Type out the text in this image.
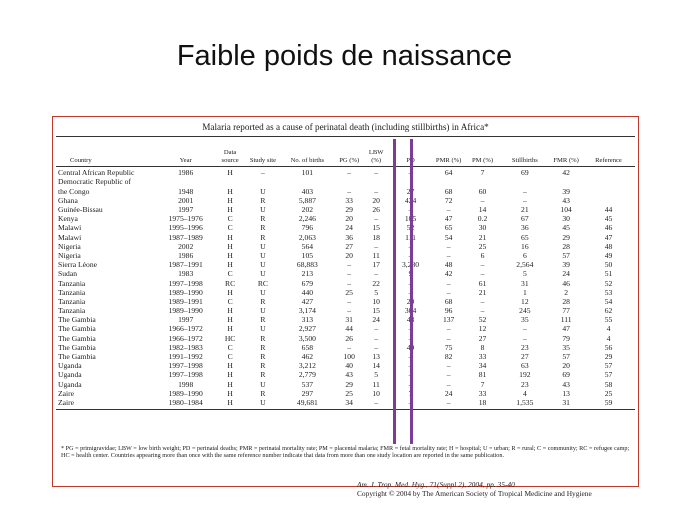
Faible poids de naissance
Malaria reported as a cause of perinatal death (including stillbirths) in Africa*
Country	Year	Data source	Study site	No. of births	PG (%)	LBW (%)	PD	PMR (%)	PM (%)	Stillbirths	FMR (%)	Reference
Central African Republic	1986	H	–	101	–	–	–	64	7	69	42	
Democratic Republic of												
the Congo	1948	H	U	403	–	–	27	68	60	–	39	
Ghana	2001	H	R	5,887	33	20	424	72	–	–	43	
Guinée-Bissau	1997	H	U	202	29	26	–	–	14	21	104	44
Kenya	1975–1976	C	R	2,246	20	–	105	47	0.2	67	30	45
Malawi	1995–1996	C	R	796	24	15	52	65	30	36	45	46
Malawi	1987–1989	H	R	2,063	36	18	111	54	21	65	29	47
Nigeria	2002	H	U	564	27	–	–	–	25	16	28	48
Nigeria	1986	H	U	105	20	11	–	–	6	6	57	49
Sierra Léone	1987–1991	H	U	68,883	–	17	3,280	48	–	2,564	39	50
Sudan	1983	C	U	213	–	–	9	42	–	5	24	51
Tanzania	1997–1998	RC	RC	679	–	22	–	–	61	31	46	52
Tanzania	1989–1990	H	U	440	25	5	–	–	21	1	2	53
Tanzania	1989–1991	C	R	427	–	10	29	68	–	12	28	54
Tanzania	1989–1990	H	U	3,174	–	15	304	96	–	245	77	62
The Gambia	1997	H	R	313	31	24	43	137	52	35	111	55
The Gambia	1966–1972	H	U	2,927	44	–	–	–	12	–	47	4
The Gambia	1966–1972	HC	R	3,500	26	–	–	–	27	–	79	4
The Gambia	1982–1983	C	R	658	–	–	49	75	8	23	35	56
The Gambia	1991–1992	C	R	462	100	13	–	82	33	27	57	29
Uganda	1997–1998	H	R	3,212	40	14	–	–	34	63	20	57
Uganda	1997–1998	H	R	2,779	43	5	–	–	81	192	69	57
Uganda	1998	H	U	537	29	11	–	–	7	23	43	58
Zaire	1989–1990	H	R	297	25	10	7	24	33	4	13	25
Zaire	1980–1984	H	U	49,681	34	–	–	–	18	1,535	31	59
* PG = primigravidae; LBW = low birth weight; PD = perinatal deaths; PMR = perinatal mortality rate; PM = placental malaria; FMR = fetal mortality rate; H = hospital; U = urban; R = rural; C = community; RC = refugee camp; HC = health center. Countries appearing more than once with the same reference number indicate that data from more than one study location are reported in the same publication.
Am. J. Trop. Med. Hyg., 71(Suppl 2), 2004, pp. 35-40
Copyright © 2004 by The American Society of Tropical Medicine and Hygiene
